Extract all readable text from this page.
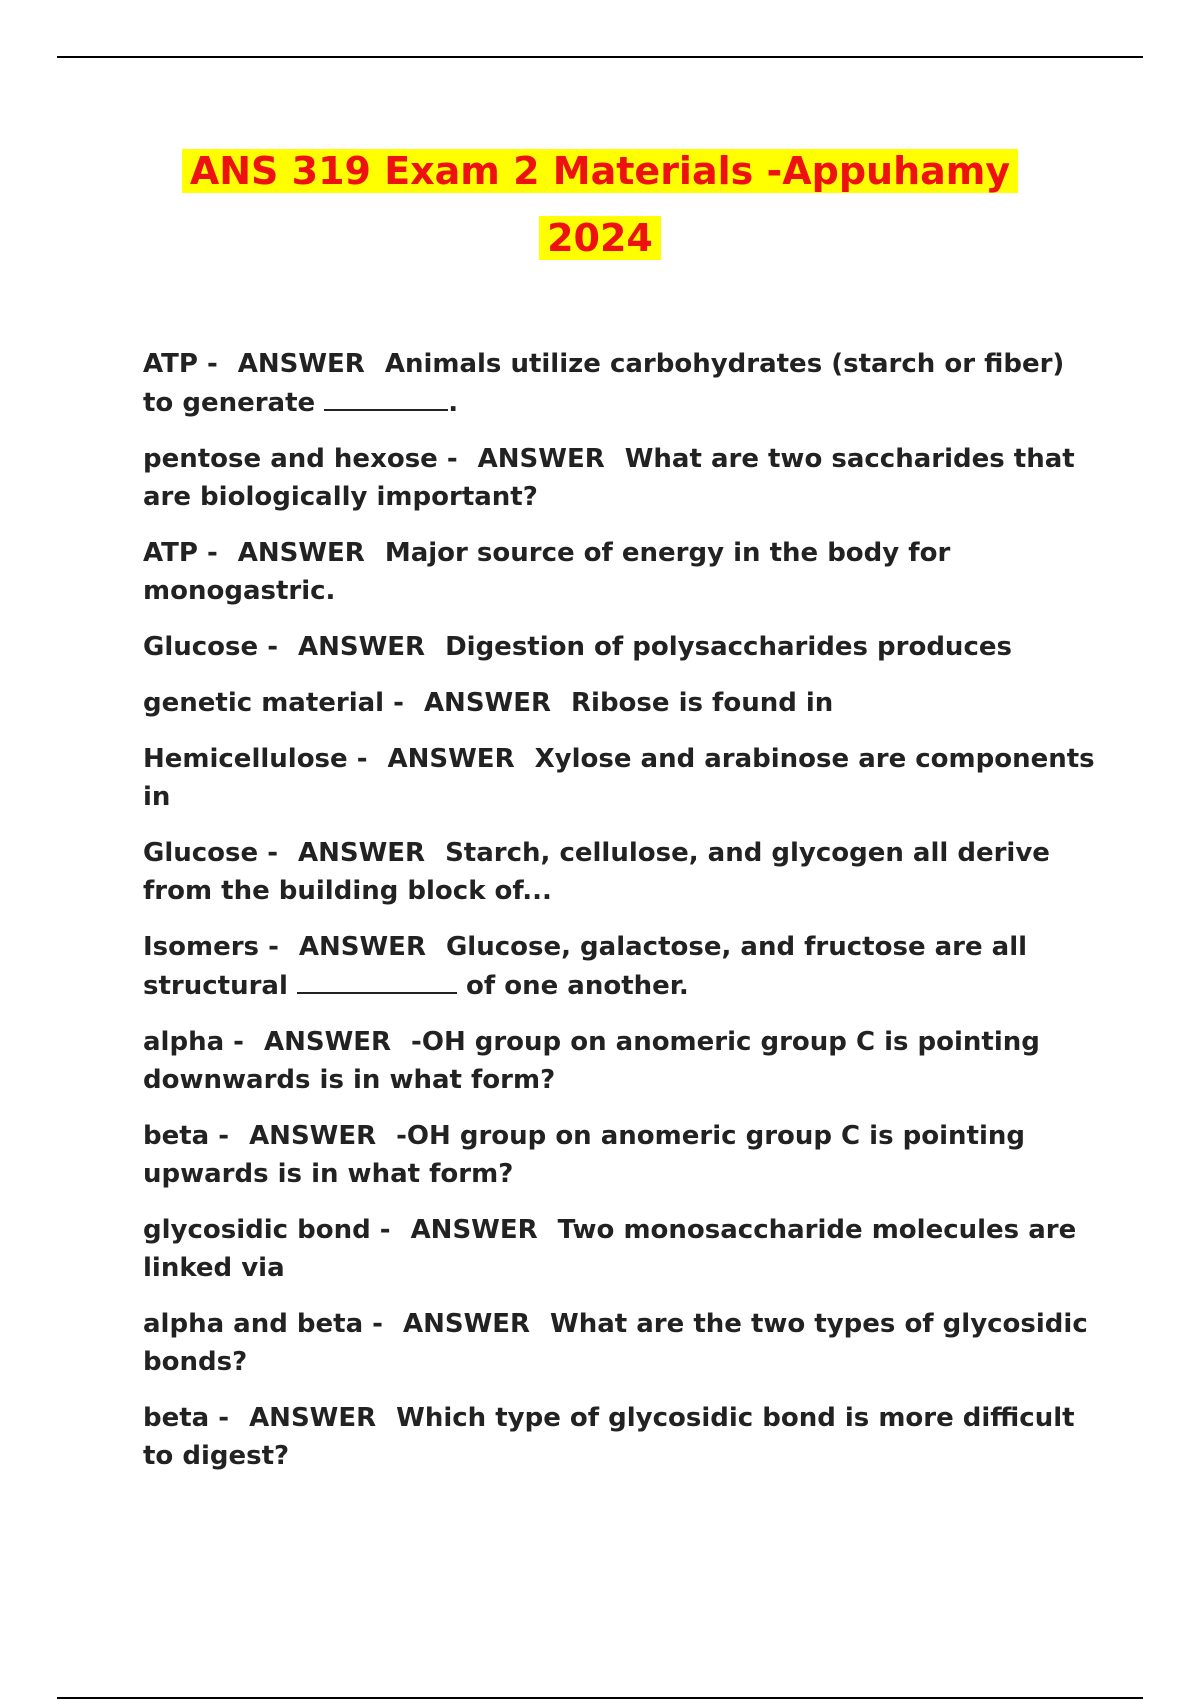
ANS 319 Exam 2 Materials -Appuhamy
2024

ATP - ANSWER Animals utilize carbohydrates (starch or fiber) to generate	.

pentose and hexose - ANSWER What are two saccharides that are biologically important?

ATP - ANSWER Major source of energy in the body for monogastric.

Glucose - ANSWER Digestion of polysaccharides produces

genetic material - ANSWER Ribose is found in

Hemicellulose - ANSWER Xylose and arabinose are components in

Glucose - ANSWER Starch, cellulose, and glycogen all derive from the building block of...

Isomers - ANSWER Glucose, galactose, and fructose are all structural	of one another.

alpha - ANSWER -OH group on anomeric group C is pointing downwards is in what form?

beta - ANSWER -OH group on anomeric group C is pointing upwards is in what form?

glycosidic bond - ANSWER Two monosaccharide molecules are linked via

alpha and beta - ANSWER What are the two types of glycosidic bonds?

beta - ANSWER Which type of glycosidic bond is more difficult to digest?
